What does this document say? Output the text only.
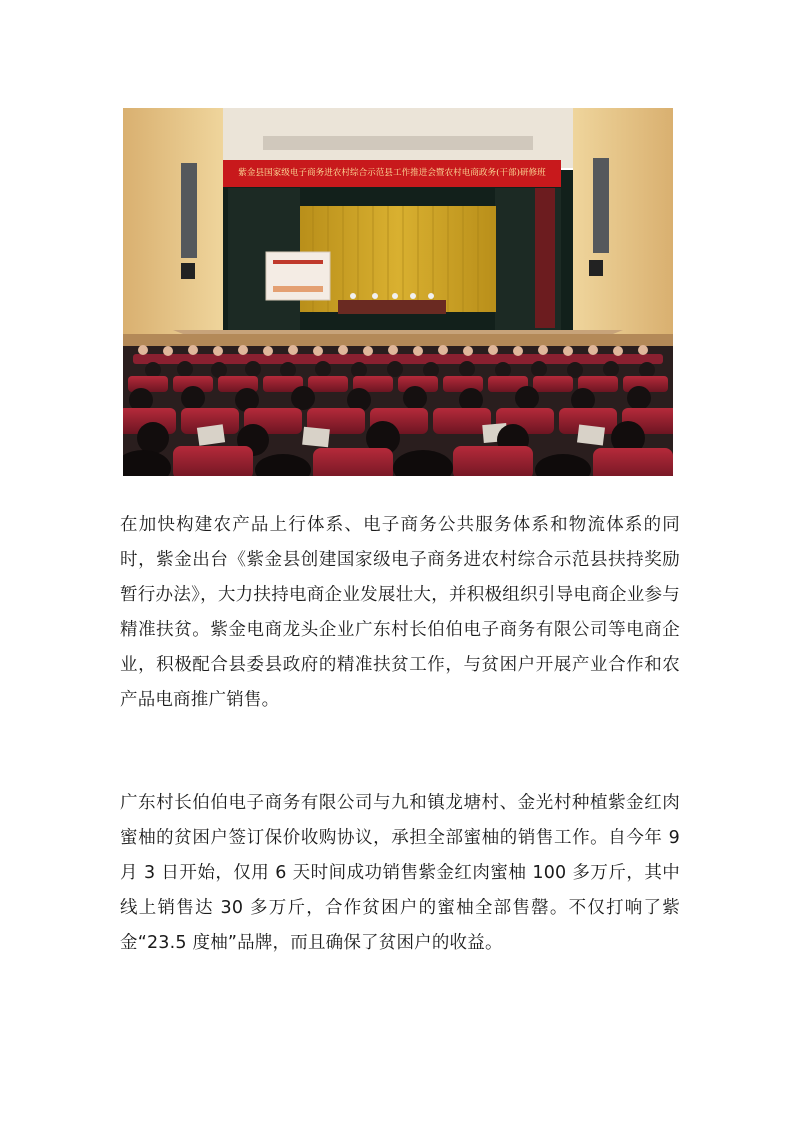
紫金县国家级电子商务进农村综合示范县工作推进会暨农村电商政务(干部)研修班

在加快构建农产品上行体系、电子商务公共服务体系和物流体系的同时，紫金出台《紫金县创建国家级电子商务进农村综合示范县扶持奖励暂行办法》，大力扶持电商企业发展壮大，并积极组织引导电商企业参与精准扶贫。紫金电商龙头企业广东村长伯伯电子商务有限公司等电商企业，积极配合县委县政府的精准扶贫工作，与贫困户开展产业合作和农产品电商推广销售。

广东村长伯伯电子商务有限公司与九和镇龙塘村、金光村种植紫金红肉蜜柚的贫困户签订保价收购协议，承担全部蜜柚的销售工作。自今年 9 月 3 日开始，仅用 6 天时间成功销售紫金红肉蜜柚 100 多万斤，其中线上销售达 30 多万斤，合作贫困户的蜜柚全部售罄。不仅打响了紫金“23.5 度柚”品牌，而且确保了贫困户的收益。
